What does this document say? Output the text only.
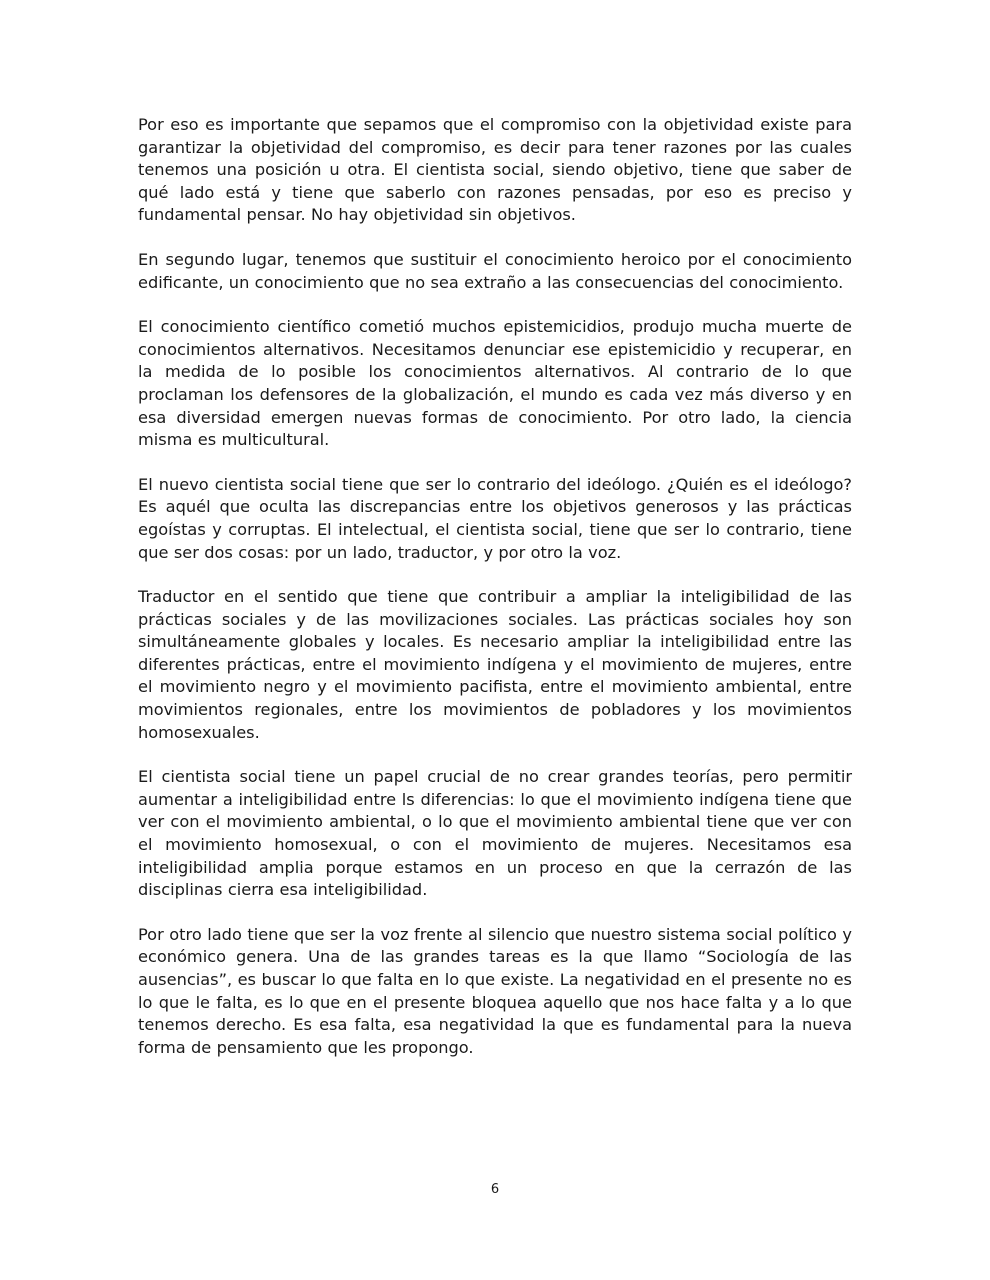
Por eso es importante que sepamos que el compromiso con la objetividad existe para garantizar la objetividad del compromiso, es decir para tener razones por las cuales tenemos una posición u otra. El cientista social, siendo objetivo, tiene que saber de qué lado está y tiene que saberlo con razones pensadas, por eso es preciso y fundamental pensar. No hay objetividad sin objetivos.

En segundo lugar, tenemos que sustituir el conocimiento heroico por el conocimiento edificante, un conocimiento que no sea extraño a las consecuencias del conocimiento.

El conocimiento científico cometió muchos epistemicidios, produjo mucha muerte de conocimientos alternativos. Necesitamos denunciar ese epistemicidio y recuperar, en la medida de lo posible los conocimientos alternativos. Al contrario de lo que proclaman los defensores de la globalización, el mundo es cada vez más diverso y en esa diversidad emergen nuevas formas de conocimiento. Por otro lado, la ciencia misma es multicultural.

El nuevo cientista social tiene que ser lo contrario del ideólogo. ¿Quién es el ideólogo? Es aquél que oculta las discrepancias entre los objetivos generosos y las prácticas egoístas y corruptas. El intelectual, el cientista social, tiene que ser lo contrario, tiene que ser dos cosas: por un lado, traductor, y por otro la voz.

Traductor en el sentido que tiene que contribuir a ampliar la inteligibilidad de las prácticas sociales y de las movilizaciones sociales. Las prácticas sociales hoy son simultáneamente globales y locales. Es necesario ampliar la inteligibilidad entre las diferentes prácticas, entre el movimiento indígena y el movimiento de mujeres, entre el movimiento negro y el movimiento pacifista, entre el movimiento ambiental, entre movimientos regionales, entre los movimientos de pobladores y los movimientos homosexuales.

El cientista social tiene un papel crucial de no crear grandes teorías, pero permitir aumentar a inteligibilidad entre ls diferencias: lo que el movimiento indígena tiene que ver con el movimiento ambiental, o lo que el movimiento ambiental tiene que ver con el movimiento homosexual, o con el movimiento de mujeres. Necesitamos esa inteligibilidad amplia porque estamos en un proceso en que la cerrazón de las disciplinas cierra esa inteligibilidad.

Por otro lado tiene que ser la voz frente al silencio que nuestro sistema social político y económico genera. Una de las grandes tareas es la que llamo “Sociología de las ausencias”, es buscar lo que falta en lo que existe. La negatividad en el presente no es lo que le falta, es lo que en el presente bloquea aquello que nos hace falta y a lo que tenemos derecho. Es esa falta, esa negatividad la que es fundamental para la nueva forma de pensamiento que les propongo.

6
